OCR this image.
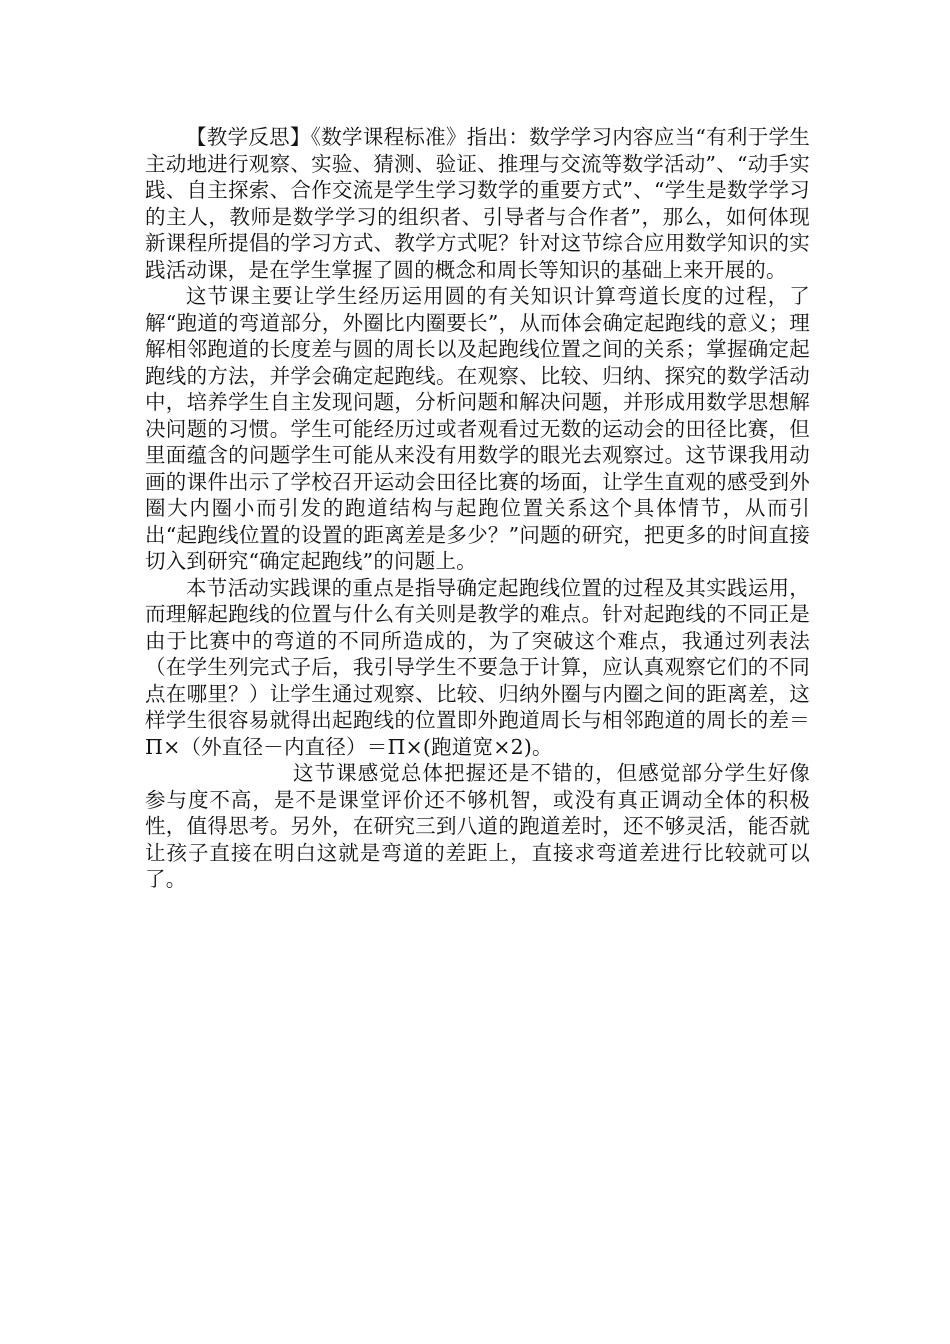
【教学反思】《数学课程标准》指出：数学学习内容应当“有利于学生主动地进行观察、实验、猜测、验证、推理与交流等数学活动”、“动手实践、自主探索、合作交流是学生学习数学的重要方式”、“学生是数学学习的主人，教师是数学学习的组织者、引导者与合作者”，那么，如何体现新课程所提倡的学习方式、教学方式呢？针对这节综合应用数学知识的实践活动课，是在学生掌握了圆的概念和周长等知识的基础上来开展的。

这节课主要让学生经历运用圆的有关知识计算弯道长度的过程，了解“跑道的弯道部分，外圈比内圈要长”，从而体会确定起跑线的意义；理解相邻跑道的长度差与圆的周长以及起跑线位置之间的关系；掌握确定起跑线的方法，并学会确定起跑线。在观察、比较、归纳、探究的数学活动中，培养学生自主发现问题，分析问题和解决问题，并形成用数学思想解决问题的习惯。学生可能经历过或者观看过无数的运动会的田径比赛，但里面蕴含的问题学生可能从来没有用数学的眼光去观察过。这节课我用动画的课件出示了学校召开运动会田径比赛的场面，让学生直观的感受到外圈大内圈小而引发的跑道结构与起跑位置关系这个具体情节，从而引出“起跑线位置的设置的距离差是多少？”问题的研究，把更多的时间直接切入到研究“确定起跑线”的问题上。

本节活动实践课的重点是指导确定起跑线位置的过程及其实践运用，而理解起跑线的位置与什么有关则是教学的难点。针对起跑线的不同正是由于比赛中的弯道的不同所造成的，为了突破这个难点，我通过列表法（在学生列完式子后，我引导学生不要急于计算，应认真观察它们的不同点在哪里？）让学生通过观察、比较、归纳外圈与内圈之间的距离差，这样学生很容易就得出起跑线的位置即外跑道周长与相邻跑道的周长的差＝Π×（外直径－内直径）＝Π×(跑道宽×2)。

这节课感觉总体把握还是不错的，但感觉部分学生好像参与度不高，是不是课堂评价还不够机智，或没有真正调动全体的积极性，值得思考。另外，在研究三到八道的跑道差时，还不够灵活，能否就让孩子直接在明白这就是弯道的差距上，直接求弯道差进行比较就可以了。
